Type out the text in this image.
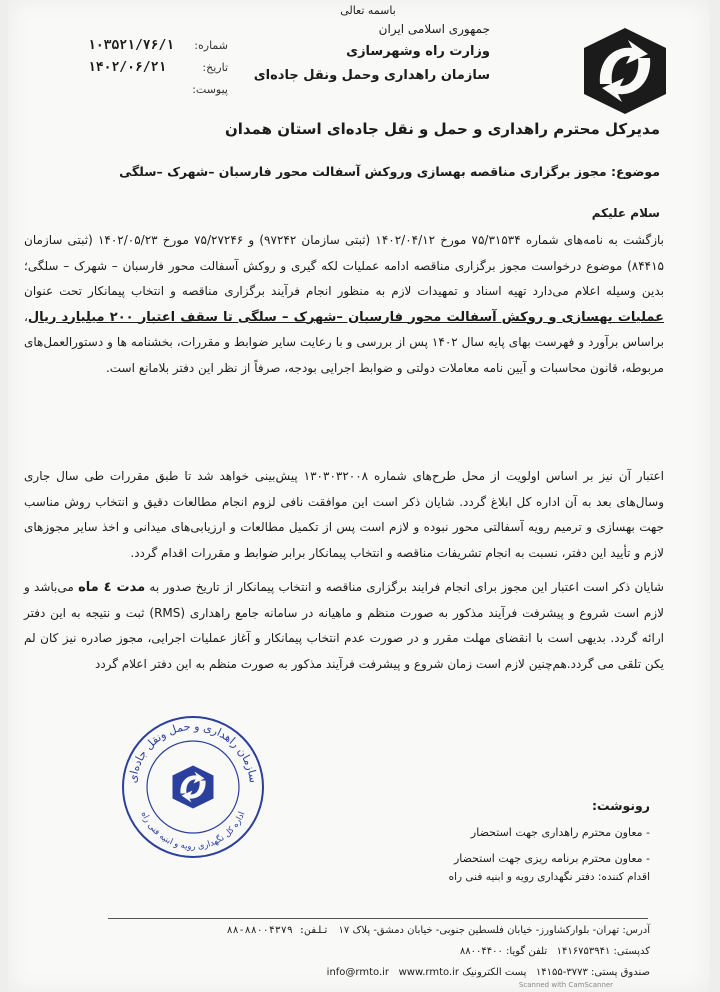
باسمه تعالی
جمهوری اسلامی ایران
وزارت راه وشهرسازی
سازمان راهداری وحمل ونقل جاده‌ای
شماره:
۱۰۳۵۲۱/۷۶/۱
تاریخ:
۱۴۰۲/۰۶/۲۱
پیوست:
مدیرکل محترم راهداری و حمل و نقل جاده‌ای استان همدان
موضوع: مجوز برگزاری مناقصه بهسازی وروکش آسفالت محور فارسبان –شهرک –سلگی
سلام علیکم
بازگشت به نامه‌های شماره ۷۵/۳۱۵۳۴ مورخ ۱۴۰۲/۰۴/۱۲ (ثبتی سازمان ۹۷۲۴۲) و ۷۵/۲۷۲۴۶ مورخ ۱۴۰۲/۰۵/۲۳ (ثبتی سازمان ۸۴۴۱۵) موضوع درخواست مجوز برگزاری مناقصه ادامه عملیات لکه گیری و روکش آسفالت محور فارسبان – شهرک – سلگی؛ بدین وسیله اعلام می‌دارد تهیه اسناد و تمهیدات لازم به منظور انجام فرآیند برگزاری مناقصه و انتخاب پیمانکار تحت عنوان عملیات بهسازی و روکش آسفالت محور فارسبان –شهرک – سلگی تا سقف اعتبار ۲۰۰ میلیارد ریال، براساس برآورد و فهرست بهای پایه سال ۱۴۰۲ پس از بررسی و با رعایت سایر ضوابط و مقررات، بخشنامه ها و دستورالعمل‌های مربوطه، قانون محاسبات و آیین نامه معاملات دولتی و ضوابط اجرایی بودجه، صرفاً از نظر این دفتر بلامانع است.
اعتبار آن نیز بر اساس اولویت از محل طرح‌های شماره ۱۳۰۳۰۳۲۰۰۸ پیش‌بینی خواهد شد تا طبق مقررات طی سال جاری وسال‌های بعد به آن اداره کل ابلاغ گردد. شایان ذکر است این موافقت نافی لزوم انجام مطالعات دقیق و انتخاب روش مناسب جهت بهسازی و ترمیم رویه آسفالتی محور نبوده و لازم است پس از تکمیل مطالعات و ارزیابی‌های میدانی و اخذ سایر مجوزهای لازم و تأیید این دفتر، نسبت به انجام تشریفات مناقصه و انتخاب پیمانکار برابر ضوابط و مقررات اقدام گردد.
شایان ذکر است اعتبار این مجوز برای انجام فرایند برگزاری مناقصه و انتخاب پیمانکار از تاریخ صدور به مدت ٤ ماه می‌باشد و لازم است شروع و پیشرفت فرآیند مذکور به صورت منظم و ماهیانه در سامانه جامع راهداری (RMS) ثبت و نتیجه به این دفتر ارائه گردد. بدیهی است با انقضای مهلت مقرر و در صورت عدم انتخاب پیمانکار و آغاز عملیات اجرایی، مجوز صادره نیز کان لم یکن تلقی می گردد.هم‌چنین لازم است زمان شروع و پیشرفت فرآیند مذکور به صورت منظم به این دفتر اعلام گردد
سازمان راهداری و حمل ونقل جاده‌ای
اداره کل نگهداری رویه و ابنیه فنی راه
رونوشت:
- معاون محترم راهداری جهت استحضار
- معاون محترم برنامه ریزی جهت استحضار
اقدام کننده: دفتر نگهداری رویه و ابنیه فنی راه
آدرس: تهران- بلوارکشاورز- خیابان فلسطین جنوبی- خیابان دمشق- پلاک ۱۷   تلفن: ۸۸۰۰۴۳۷۹-۸۸
کدپستی: ۱۴۱۶۷۵۳۹۴۱   تلفن گویا: ۸۸۰۰۴۴۰۰
صندوق پستی: ۳۷۷۳-۱۴۱۵۵   پست الکترونیک info@rmto.ir www.rmto.ir
Scanned with CamScanner
